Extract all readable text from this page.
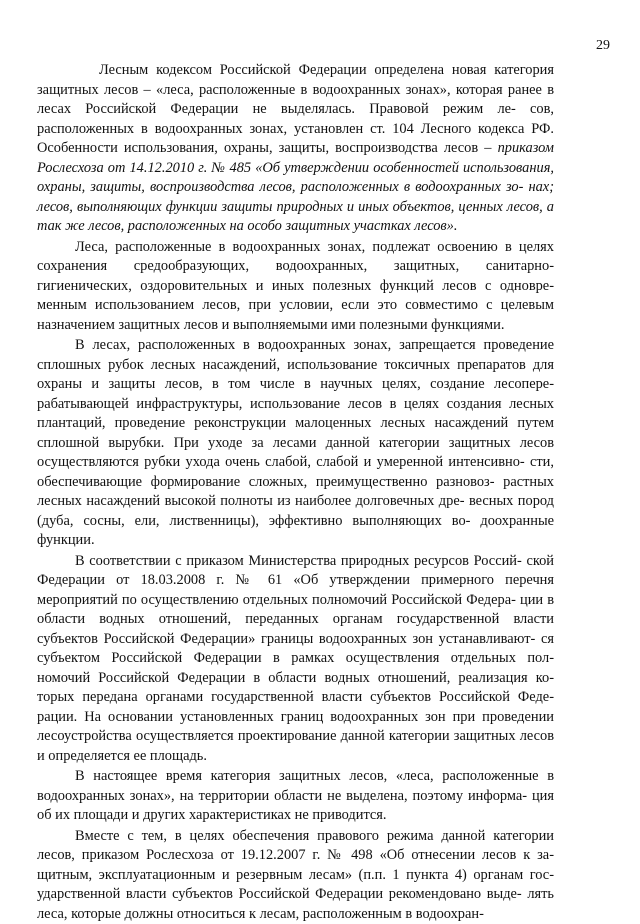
29

Лесным кодексом Российской Федерации определена новая категория защитных лесов – «леса, расположенные в водоохранных зонах», которая ранее в лесах Российской Федерации не выделялась. Правовой режим ле- сов, расположенных в водоохранных зонах, установлен ст. 104 Лесного кодекса РФ. Особенности использования, охраны, защиты, воспроизводства лесов – приказом Рослесхоза от 14.12.2010 г. № 485 «Об утверждении особенностей использования, охраны, защиты, воспроизводства лесов, расположенных в водоохранных зо- нах; лесов, выполняющих функции защиты природных и иных объектов, ценных лесов, а так же лесов, расположенных на особо защитных участках лесов».

Леса, расположенные в водоохранных зонах, подлежат освоению в целях сохранения средообразующих, водоохранных, защитных, санитарно-гигиенических, оздоровительных и иных полезных функций лесов с одновре- менным использованием лесов, при условии, если это совместимо с целевым назначением защитных лесов и выполняемыми ими полезными функциями.

В лесах, расположенных в водоохранных зонах, запрещается проведение сплошных рубок лесных насаждений, использование токсичных препаратов для охраны и защиты лесов, в том числе в научных целях, создание лесопере- рабатывающей инфраструктуры, использование лесов в целях создания лесных плантаций, проведение реконструкции малоценных лесных насаждений путем сплошной вырубки. При уходе за лесами данной категории защитных лесов осуществляются рубки ухода очень слабой, слабой и умеренной интенсивно- сти, обеспечивающие формирование сложных, преимущественно разновоз- растных лесных насаждений высокой полноты из наиболее долговечных дре- весных пород (дуба, сосны, ели, лиственницы), эффективно выполняющих во- доохранные функции.

В соответствии с приказом Министерства природных ресурсов Россий- ской Федерации от 18.03.2008 г. № 61 «Об утверждении примерного перечня мероприятий по осуществлению отдельных полномочий Российской Федера- ции в области водных отношений, переданных органам государственной власти субъектов Российской Федерации» границы водоохранных зон устанавливают- ся субъектом Российской Федерации в рамках осуществления отдельных пол- номочий Российской Федерации в области водных отношений, реализация ко- торых передана органами государственной власти субъектов Российской Феде- рации. На основании установленных границ водоохранных зон при проведении лесоустройства осуществляется проектирование данной категории защитных лесов и определяется ее площадь.

В настоящее время категория защитных лесов, «леса, расположенные в водоохранных зонах», на территории области не выделена, поэтому информа- ция об их площади и других характеристиках не приводится.

Вместе с тем, в целях обеспечения правового режима данной категории лесов, приказом Рослесхоза от 19.12.2007 г. № 498 «Об отнесении лесов к за- щитным, эксплуатационным и резервным лесам» (п.п. 1 пункта 4) органам гос- ударственной власти субъектов Российской Федерации рекомендовано выде- лять леса, которые должны относиться к лесам, расположенным в водоохран-
